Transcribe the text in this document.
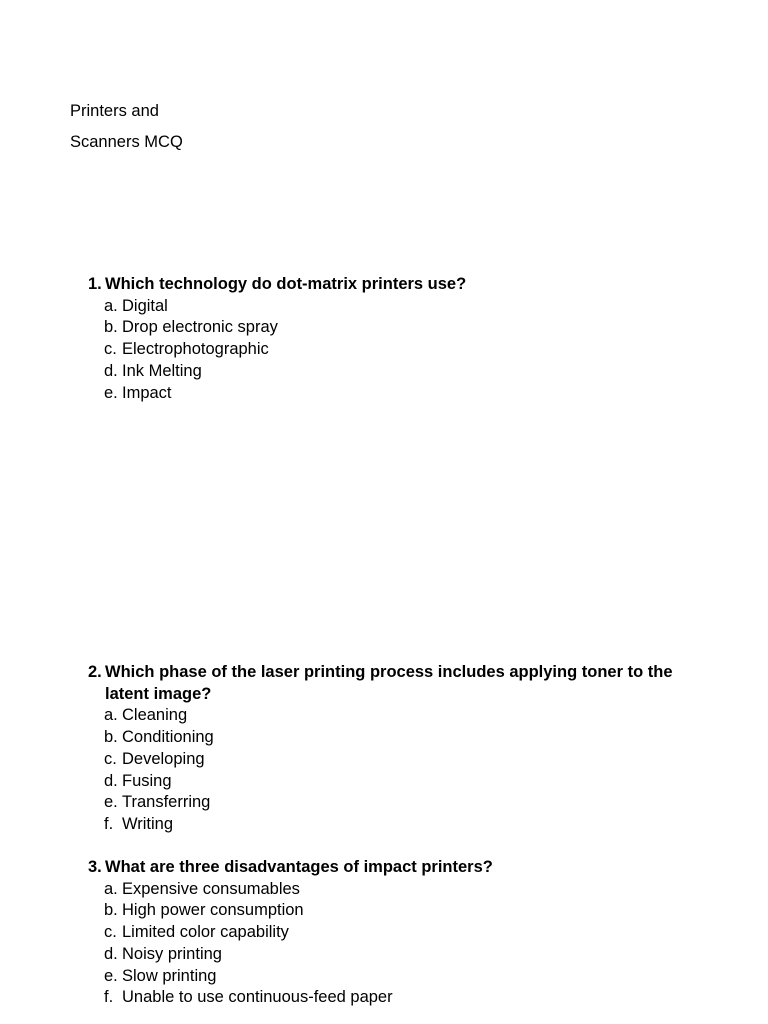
Printers and
Scanners MCQ
1. Which technology do dot-matrix printers use?
a. Digital
b. Drop electronic spray
c. Electrophotographic
d. Ink Melting
e. Impact
2. Which phase of the laser printing process includes applying toner to the latent image?
a. Cleaning
b. Conditioning
c. Developing
d. Fusing
e. Transferring
f. Writing
3. What are three disadvantages of impact printers?
a. Expensive consumables
b. High power consumption
c. Limited color capability
d. Noisy printing
e. Slow printing
f. Unable to use continuous-feed paper
